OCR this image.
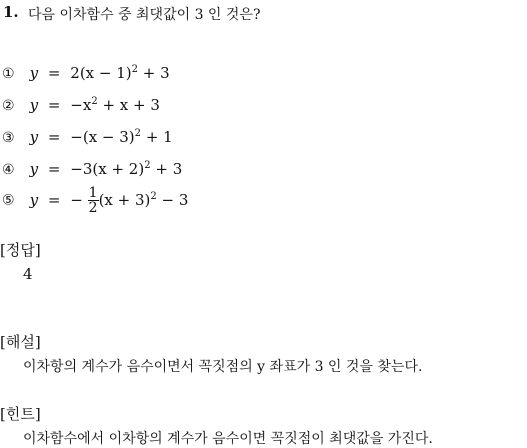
1. 다음 이차함수 중 최댓값이 3 인 것은?
① $y = 2(x - 1)^2 + 3$
② $y = -x^2 + x + 3$
③ $y = -(x - 3)^2 + 1$
④ $y = -3(x + 2)^2 + 3$
⑤ y = − $\frac{1}{2} (x + 3)^2 - 3$
[정답]
4
[해설]
이차항의 계수가 음수이면서 꼭짓점의 y 좌표가 3 인 것을 찾는다.
[힌트]
이차함수에서 이차항의 계수가 음수이면 꼭짓점이 최댓값을 가진다.
